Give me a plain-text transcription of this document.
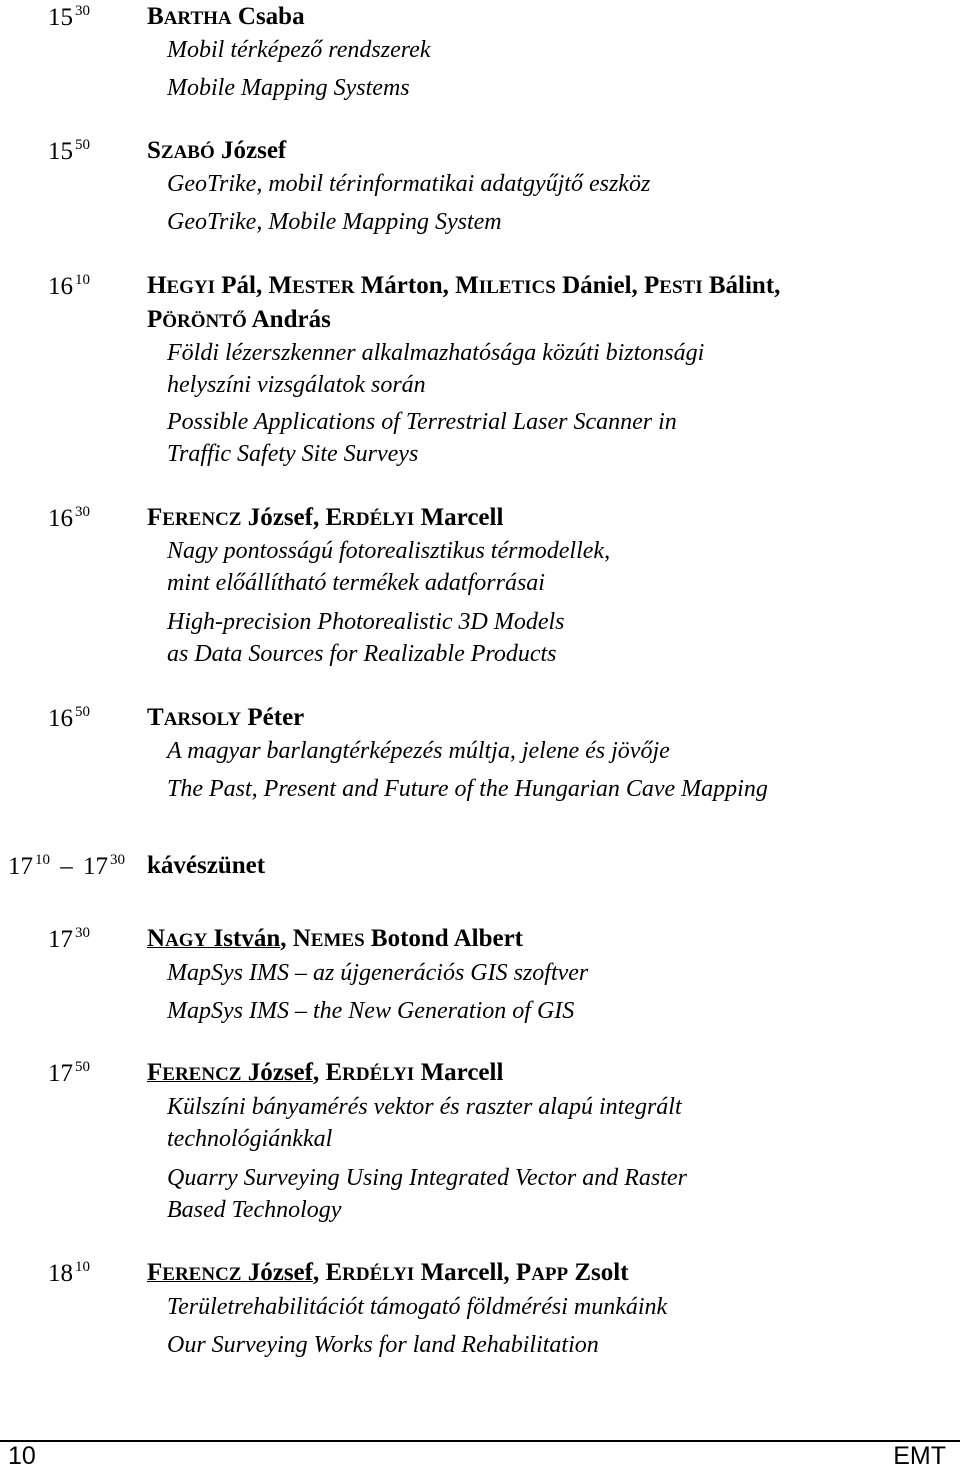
15 $^{30}$ BARTHA Csaba
Mobil térképező rendszerek
Mobile Mapping Systems
15 $^{50}$ SZABÓ József
GeoTrike, mobil térinformatikai adatgyűjtő eszköz
GeoTrike, Mobile Mapping System
16 $^{10}$ HEGYI Pál, MESTER Márton, MILETICS Dániel, PESTI Bálint,
PÖRÖNTŐ András
Földi lézerszkenner alkalmazhatósága közúti biztonsági
helyszíni vizsgálatok során
Possible Applications of Terrestrial Laser Scanner in
Traffic Safety Site Surveys
16 $^{30}$ FERENCZ József, ERDÉLYI Marcell
Nagy pontosságú fotorealisztikus térmodellek,
mint előállítható termékek adatforrásai
High-precision Photorealistic 3D Models
as Data Sources for Realizable Products
16 $^{50}$ TARSOLY Péter
A magyar barlangtérképezés múltja, jelene és jövője
The Past, Present and Future of the Hungarian Cave Mapping
17 $^{10}$ – 17 $^{30}$ kávészünet
17 $^{30}$ NAGY István, NEMES Botond Albert
MapSys IMS – az újgenerációs GIS szoftver
MapSys IMS – the New Generation of GIS
17 $^{50}$ FERENCZ József, ERDÉLYI Marcell
Külszíni bányamérés vektor és raszter alapú integrált
technológiánkkal
Quarry Surveying Using Integrated Vector and Raster
Based Technology
18 $^{10}$ FERENCZ József, ERDÉLYI Marcell, PAPP Zsolt
Területrehabilitációt támogató földmérési munkáink
Our Surveying Works for land Rehabilitation
10	EMT
